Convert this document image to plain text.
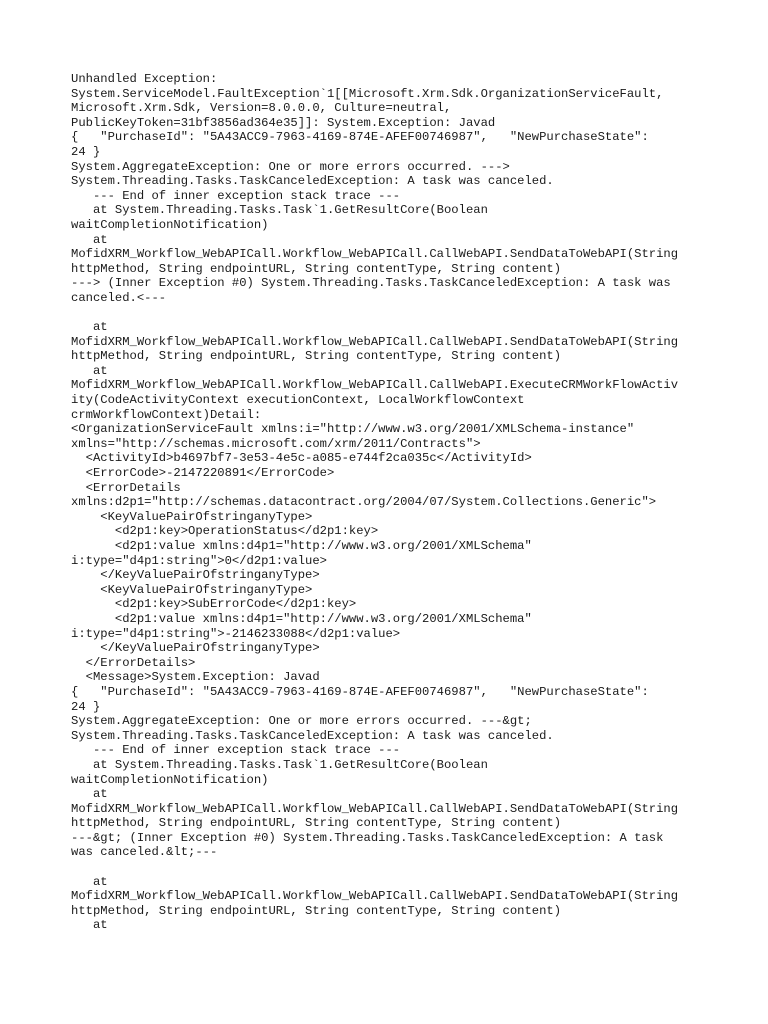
Unhandled Exception:
System.ServiceModel.FaultException`1[[Microsoft.Xrm.Sdk.OrganizationServiceFault,
Microsoft.Xrm.Sdk, Version=8.0.0.0, Culture=neutral,
PublicKeyToken=31bf3856ad364e35]]: System.Exception: Javad
{   "PurchaseId": "5A43ACC9-7963-4169-874E-AFEF00746987",   "NewPurchaseState":
24 }
System.AggregateException: One or more errors occurred. --->
System.Threading.Tasks.TaskCanceledException: A task was canceled.
--- End of inner exception stack trace ---
at System.Threading.Tasks.Task`1.GetResultCore(Boolean
waitCompletionNotification)
at
MofidXRM_Workflow_WebAPICall.Workflow_WebAPICall.CallWebAPI.SendDataToWebAPI(String
httpMethod, String endpointURL, String contentType, String content)
---> (Inner Exception #0) System.Threading.Tasks.TaskCanceledException: A task was
canceled.<---

at
MofidXRM_Workflow_WebAPICall.Workflow_WebAPICall.CallWebAPI.SendDataToWebAPI(String
httpMethod, String endpointURL, String contentType, String content)
at
MofidXRM_Workflow_WebAPICall.Workflow_WebAPICall.CallWebAPI.ExecuteCRMWorkFlowActiv
ity(CodeActivityContext executionContext, LocalWorkflowContext
crmWorkflowContext)Detail:
<OrganizationServiceFault xmlns:i="http://www.w3.org/2001/XMLSchema-instance"
xmlns="http://schemas.microsoft.com/xrm/2011/Contracts">
<ActivityId>b4697bf7-3e53-4e5c-a085-e744f2ca035c</ActivityId>
<ErrorCode>-2147220891</ErrorCode>
<ErrorDetails
xmlns:d2p1="http://schemas.datacontract.org/2004/07/System.Collections.Generic">
<KeyValuePairOfstringanyType>
<d2p1:key>OperationStatus</d2p1:key>
<d2p1:value xmlns:d4p1="http://www.w3.org/2001/XMLSchema"
i:type="d4p1:string">0</d2p1:value>
</KeyValuePairOfstringanyType>
<KeyValuePairOfstringanyType>
<d2p1:key>SubErrorCode</d2p1:key>
<d2p1:value xmlns:d4p1="http://www.w3.org/2001/XMLSchema"
i:type="d4p1:string">-2146233088</d2p1:value>
</KeyValuePairOfstringanyType>
</ErrorDetails>
<Message>System.Exception: Javad
{   "PurchaseId": "5A43ACC9-7963-4169-874E-AFEF00746987",   "NewPurchaseState":
24 }
System.AggregateException: One or more errors occurred. ---&gt;
System.Threading.Tasks.TaskCanceledException: A task was canceled.
--- End of inner exception stack trace ---
at System.Threading.Tasks.Task`1.GetResultCore(Boolean
waitCompletionNotification)
at
MofidXRM_Workflow_WebAPICall.Workflow_WebAPICall.CallWebAPI.SendDataToWebAPI(String
httpMethod, String endpointURL, String contentType, String content)
---&gt; (Inner Exception #0) System.Threading.Tasks.TaskCanceledException: A task
was canceled.&lt;---

at
MofidXRM_Workflow_WebAPICall.Workflow_WebAPICall.CallWebAPI.SendDataToWebAPI(String
httpMethod, String endpointURL, String contentType, String content)
at
